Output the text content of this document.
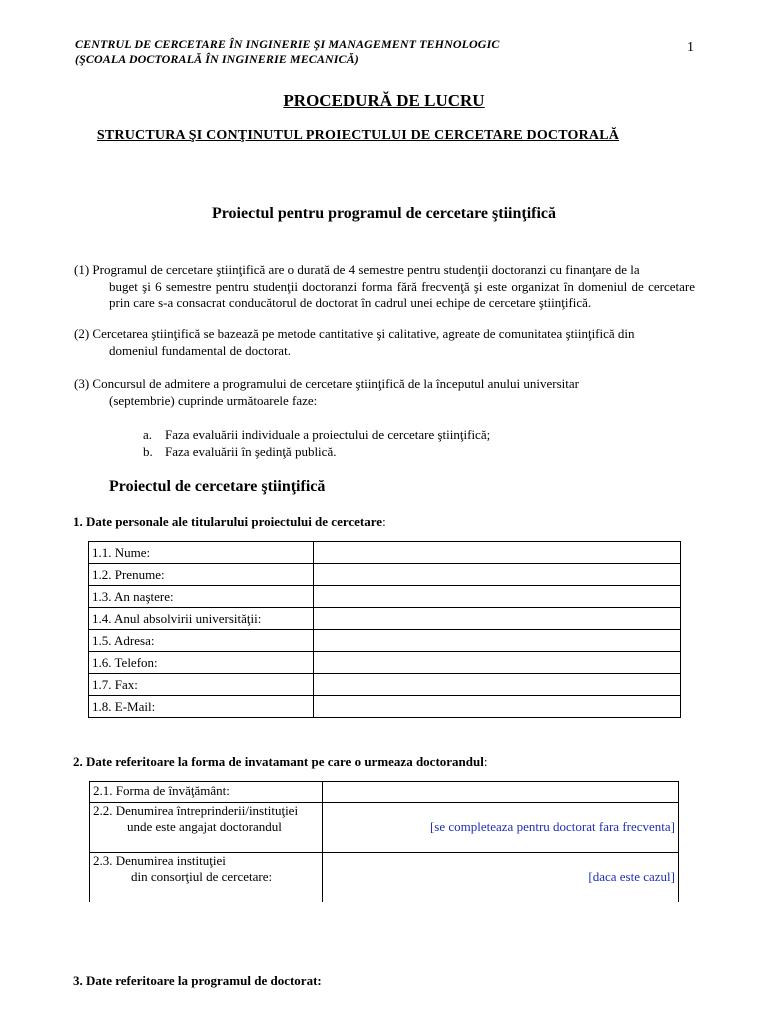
CENTRUL DE CERCETARE ÎN INGINERIE ŞI MANAGEMENT TEHNOLOGIC
(ŞCOALA DOCTORALĂ ÎN INGINERIE MECANICĂ)
1
PROCEDURĂ DE LUCRU
STRUCTURA ŞI CONŢINUTUL PROIECTULUI DE CERCETARE DOCTORALĂ
Proiectul pentru programul de cercetare ştiinţifică
(1) Programul de cercetare ştiinţifică are o durată de 4 semestre pentru studenţii doctoranzi cu finanţare de la
buget şi 6 semestre pentru studenţii doctoranzi forma fără frecvenţă şi este organizat în domeniul de cercetare prin care s-a consacrat conducătorul de doctorat în cadrul unei echipe de cercetare ştiinţifică.
(2) Cercetarea ştiinţifică se bazează pe metode cantitative şi calitative, agreate de comunitatea ştiinţifică din
domeniul fundamental de doctorat.
(3) Concursul de admitere a programului de cercetare ştiinţifică de la începutul anului universitar
(septembrie) cuprinde următoarele faze:
a. Faza evaluării individuale a proiectului de cercetare ştiinţifică;
b. Faza evaluării în şedinţă publică.
Proiectul de cercetare ştiinţifică
1. Date personale ale titularului proiectului de cercetare:
1.1. Nume:	
1.2. Prenume:	
1.3. An naştere:	
1.4. Anul absolvirii universităţii:	
1.5. Adresa:	
1.6. Telefon:	
1.7. Fax:	
1.8. E-Mail:	
2. Date referitoare la forma de invatamant pe care o urmeaza doctorandul:
2.1. Forma de învăţământ:	
2.2. Denumirea întreprinderii/instituţiei
unde este angajat doctorandul	[se completeaza pentru doctorat fara frecventa]
2.3. Denumirea instituţiei
din consorţiul de cercetare:	[daca este cazul]
3. Date referitoare la programul de doctorat:
